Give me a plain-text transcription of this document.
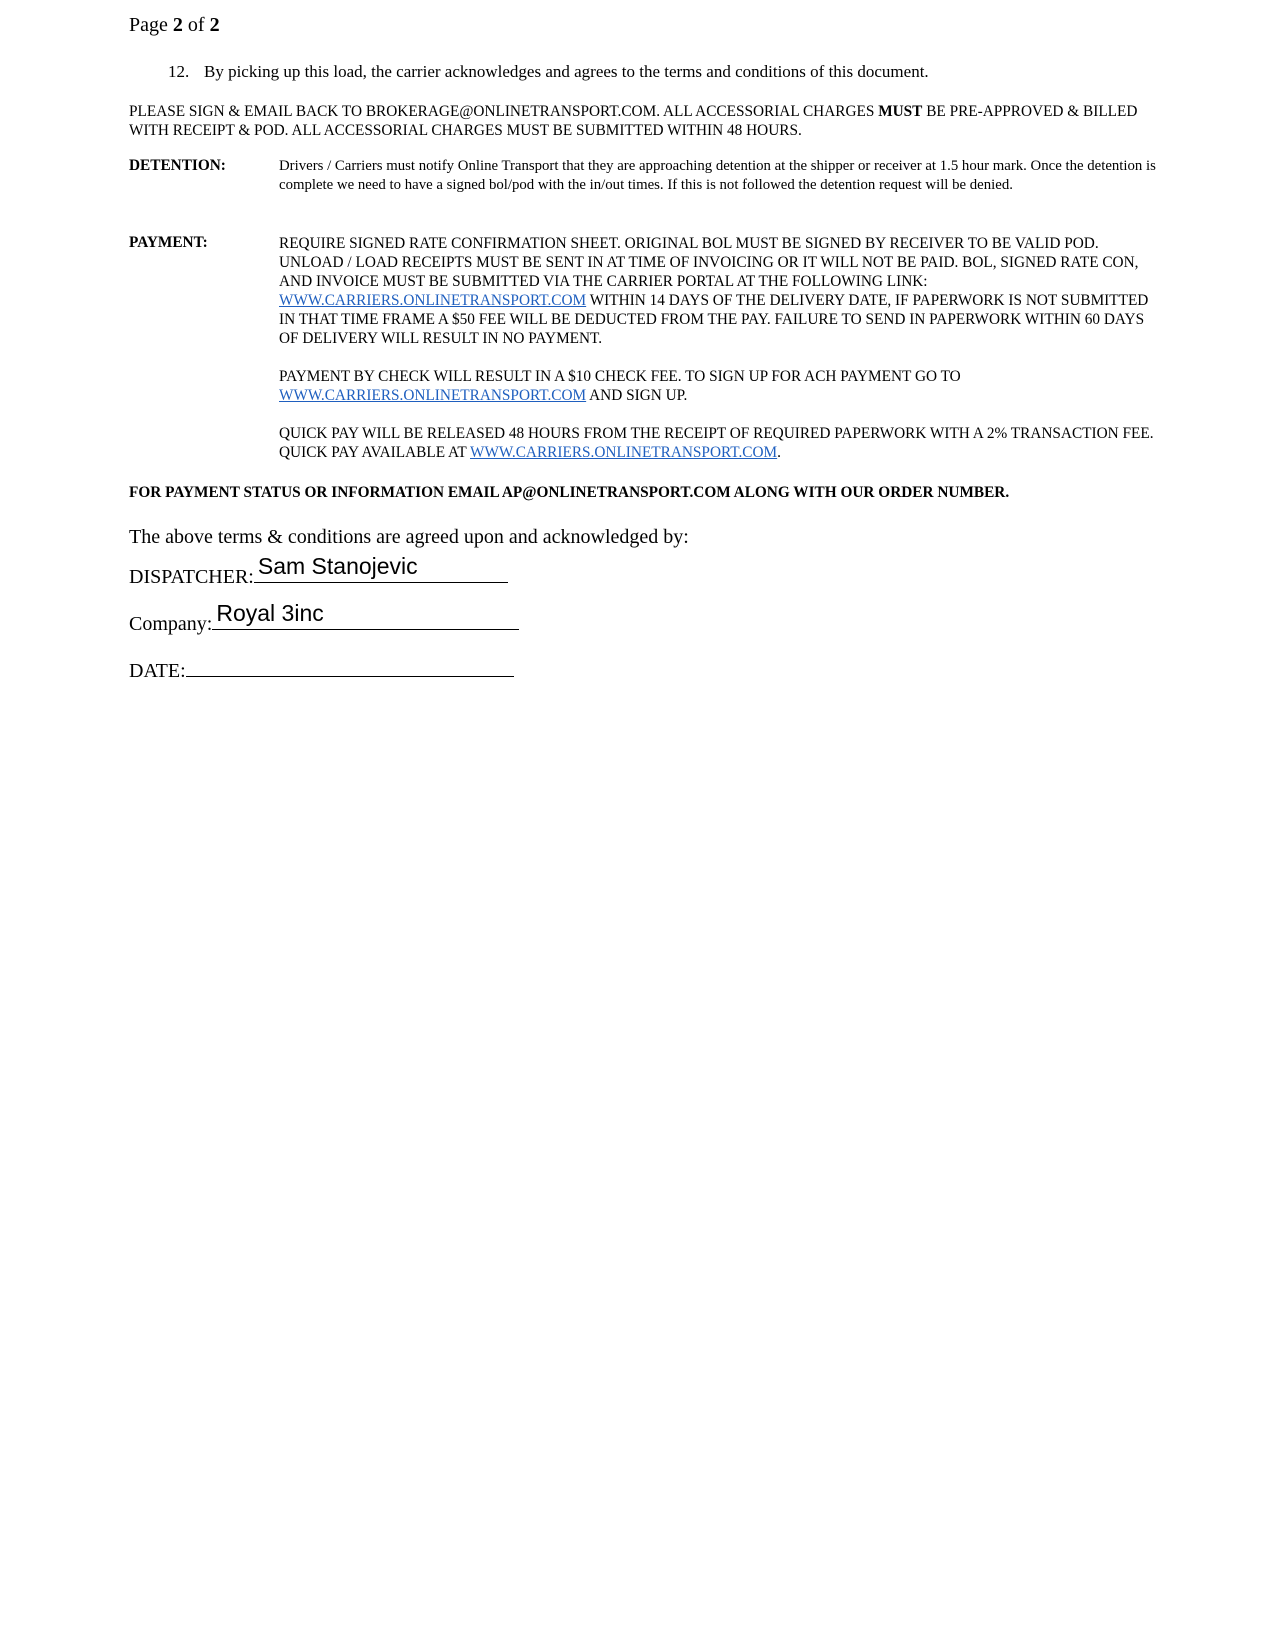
Page 2 of 2
12. By picking up this load, the carrier acknowledges and agrees to the terms and conditions of this document.
PLEASE SIGN & EMAIL BACK TO BROKERAGE@ONLINETRANSPORT.COM. ALL ACCESSORIAL CHARGES MUST BE PRE-APPROVED & BILLED WITH RECEIPT & POD. ALL ACCESSORIAL CHARGES MUST BE SUBMITTED WITHIN 48 HOURS.
DETENTION:	Drivers / Carriers must notify Online Transport that they are approaching detention at the shipper or receiver at 1.5 hour mark. Once the detention is complete we need to have a signed bol/pod with the in/out times. If this is not followed the detention request will be denied.

PAYMENT:	REQUIRE SIGNED RATE CONFIRMATION SHEET. ORIGINAL BOL MUST BE SIGNED BY RECEIVER TO BE VALID POD. UNLOAD / LOAD RECEIPTS MUST BE SENT IN AT TIME OF INVOICING OR IT WILL NOT BE PAID. BOL, SIGNED RATE CON, AND INVOICE MUST BE SUBMITTED VIA THE CARRIER PORTAL AT THE FOLLOWING LINK: WWW.CARRIERS.ONLINETRANSPORT.COM WITHIN 14 DAYS OF THE DELIVERY DATE, IF PAPERWORK IS NOT SUBMITTED IN THAT TIME FRAME A $50 FEE WILL BE DEDUCTED FROM THE PAY. FAILURE TO SEND IN PAPERWORK WITHIN 60 DAYS OF DELIVERY WILL RESULT IN NO PAYMENT.

PAYMENT BY CHECK WILL RESULT IN A $10 CHECK FEE. TO SIGN UP FOR ACH PAYMENT GO TO WWW.CARRIERS.ONLINETRANSPORT.COM AND SIGN UP.

QUICK PAY WILL BE RELEASED 48 HOURS FROM THE RECEIPT OF REQUIRED PAPERWORK WITH A 2% TRANSACTION FEE. QUICK PAY AVAILABLE AT WWW.CARRIERS.ONLINETRANSPORT.COM.

FOR PAYMENT STATUS OR INFORMATION EMAIL AP@ONLINETRANSPORT.COM ALONG WITH OUR ORDER NUMBER.
The above terms & conditions are agreed upon and acknowledged by:
DISPATCHER: Sam Stanojevic
Company: Royal 3inc
DATE:
